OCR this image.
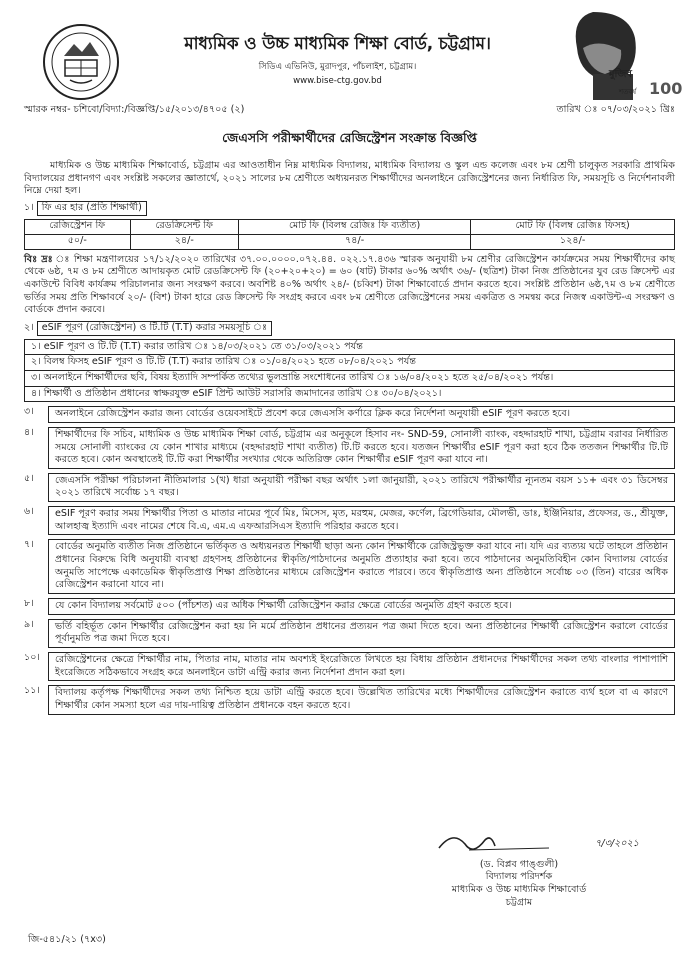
মাধ্যমিক ও উচ্চ মাধ্যমিক শিক্ষা বোর্ড, চট্টগ্রাম।
সিডিএ এভিনিউ, মুরাদপুর, পাঁচলাইশ, চট্টগ্রাম।
www.bise-ctg.gov.bd
মুজিব
শতবর্ষ 100
স্মারক নম্বর- চশিবো/বিদ্যা:/বিজ্ঞপ্তি/১৫/২০১৩/৪৭০৫ (২)	তারিখ ঃ ০৭/০৩/২০২১ খ্রিঃ
জেএসসি পরীক্ষার্থীদের রেজিস্ট্রেশন সংক্রান্ত বিজ্ঞপ্তি
মাধ্যমিক ও উচ্চ মাধ্যমিক শিক্ষাবোর্ড, চট্টগ্রাম এর আওতাধীন নিম্ন মাধ্যমিক বিদ্যালয়, মাধ্যমিক বিদ্যালয় ও স্কুল এন্ড কলেজ এবং ৮ম শ্রেণী চালুকৃত সরকারি প্রাথমিক বিদ্যালয়ের প্রধানগণ এবং সংশ্লিষ্ট সকলের জ্ঞাতার্থে, ২০২১ সালের ৮ম শ্রেণীতে অধ্যয়নরত শিক্ষার্থীদের অনলাইনে রেজিস্ট্রেশনের জন্য নির্ধারিত ফি, সময়সূচি ও নির্দেশনাবলী নিম্নে দেয়া হল।
১। ফি এর হার (প্রতি শিক্ষার্থী)
রেজিস্ট্রেশন ফি	রেডক্রিসেন্ট ফি	মোট ফি (বিলম্ব রেজিঃ ফি ব্যতীত)	মোট ফি (বিলম্ব রেজিঃ ফিসহ)
৫০/-	২৪/-	৭৪/-	১২৪/-
বিঃ দ্রঃ ঃ শিক্ষা মন্ত্রণালয়ের ১৭/১২/২০২০ তারিখের ৩৭.০০.০০০০.০৭২.৪৪. ০২২.১৭.৪৩৬ স্মারক অনুযায়ী ৮ম শ্রেণীর রেজিস্ট্রেশন কার্যক্রমের সময় শিক্ষার্থীদের কাছ থেকে ৬ষ্ঠ, ৭ম ও ৮ম শ্রেণীতে আদায়কৃত মোট রেডক্রিসেন্ট ফি (২০+২০+২০) = ৬০ (ষাট) টাকার ৬০% অর্থাৎ ৩৬/- (ছত্রিশ) টাকা নিজ প্রতিষ্ঠানের যুব রেড ক্রিসেন্ট এর একাউন্টে বিবিধ কার্যক্রম পরিচালনার জন্য সংরক্ষণ করবে। অবশিষ্ট ৪০% অর্থাৎ ২৪/- (চব্বিশ) টাকা শিক্ষাবোর্ডে প্রদান করতে হবে। সংশ্লিষ্ট প্রতিষ্ঠান ৬ষ্ঠ,৭ম ও ৮ম শ্রেণীতে ভর্তির সময় প্রতি শিক্ষাবর্ষে ২০/- (বিশ) টাকা হারে রেড ক্রিসেন্ট ফি সংগ্রহ করবে এবং ৮ম শ্রেণীতে রেজিস্ট্রেশনের সময় একত্রিত ও সমন্বয় করে নিজস্ব একাউন্ট-এ সংরক্ষণ ও বোর্ডকে প্রদান করবে।
২। eSIF পূরণ (রেজিস্ট্রেশন) ও টি.টি (T.T) করার সময়সূচি ঃ
১। eSIF পূরণ ও টি.টি (T.T) করার তারিখ ঃ ১৪/০৩/২০২১ তে ৩১/০৩/২০২১ পর্যন্ত
২। বিলম্ব ফিসহ eSIF পূরণ ও টি.টি (T.T) করার তারিখ ঃ ০১/০৪/২০২১ হতে ০৮/০৪/২০২১ পর্যন্ত
৩। অনলাইনে শিক্ষার্থীদের ছবি, বিষয় ইত্যাদি সম্পর্কিত তথ্যের ভুলভ্রান্তি সংশোধনের তারিখ ঃ ১৬/০৪/২০২১ হতে ২৫/০৪/২০২১ পর্যন্ত।
৪। শিক্ষার্থী ও প্রতিষ্ঠান প্রধানের স্বাক্ষরযুক্ত eSIF প্রিন্ট আউট সরাসরি জমাদানের তারিখ ঃ ৩০/০৪/২০২১।
৩।	অনলাইনে রেজিস্ট্রেশন করার জন্য বোর্ডের ওয়েবসাইটে প্রবেশ করে জেএসসি কর্ণারে ক্লিক করে নির্দেশনা অনুযায়ী eSIF পূরণ করতে হবে।
৪।	শিক্ষার্থীদের ফি সচিব, মাধ্যমিক ও উচ্চ মাধ্যমিক শিক্ষা বোর্ড, চট্টগ্রাম এর অনুকূলে হিসাব নং- SND-59, সোনালী ব্যাংক, বহদ্দারহাট শাখা, চট্টগ্রাম বরাবর নির্ধারিত সময়ে সোনালী ব্যাংকের যে কোন শাখার মাধ্যমে (বহদ্দারহাট শাখা ব্যতীত) টি.টি করতে হবে। যতজন শিক্ষার্থীর eSIF পূরণ করা হবে ঠিক ততজন শিক্ষার্থীর টি.টি করতে হবে। কোন অবস্থাতেই টি.টি করা শিক্ষার্থীর সংখ্যার থেকে অতিরিক্ত কোন শিক্ষার্থীর eSIF পূরণ করা যাবে না।
৫।	জেএসসি পরীক্ষা পরিচালনা নীতিমালার ১(খ) ধারা অনুযায়ী পরীক্ষা বছর অর্থাৎ ১লা জানুয়ারী, ২০২১ তারিখে পরীক্ষার্থীর ন্যূনতম বয়স ১১+ এবং ৩১ ডিসেম্বর ২০২১ তারিখে সর্বোচ্চ ১৭ বছর।
৬।	eSIF পূরণ করার সময় শিক্ষার্থীর পিতা ও মাতার নামের পূর্বে মিঃ, মিসেস, মৃত, মরহুম, মেজর, কর্ণেল, ব্রিগেডিয়ার, মৌলভী, ডাঃ, ইঞ্জিনিয়ার, প্রফেসর, ড., শ্রীযুক্ত, আলহাজ্ব ইত্যাদি এবং নামের শেষে বি.এ, এম.এ এফআরসিএস ইত্যাদি পরিহার করতে হবে।
৭।	বোর্ডের অনুমতি ব্যতীত নিজ প্রতিষ্ঠানে ভর্তিকৃত ও অধ্যয়নরত শিক্ষার্থী ছাড়া অন্য কোন শিক্ষার্থীকে রেজিস্ট্রভুক্ত করা যাবে না। যদি এর ব্যত্যয় ঘটে তাহলে প্রতিষ্ঠান প্রধানের বিরুদ্ধে বিধি অনুযায়ী ব্যবস্থা গ্রহণসহ প্রতিষ্ঠানের স্বীকৃতি/পাঠদানের অনুমতি প্রত্যাহার করা হবে। তবে পাঠদানের অনুমতিবিহীন কোন বিদ্যালয় বোর্ডের অনুমতি সাপেক্ষে একাডেমিক স্বীকৃতিপ্রাপ্ত শিক্ষা প্রতিষ্ঠানের মাধ্যমে রেজিস্ট্রেশন করাতে পারবে। তবে স্বীকৃতিপ্রাপ্ত অন্য প্রতিষ্ঠানে সর্বোচ্চ ০৩ (তিন) বারের অধিক রেজিস্ট্রেশন করানো যাবে না।
৮।	যে কোন বিদ্যালয় সর্বমোট ৫০০ (পাঁচশত) এর অধিক শিক্ষার্থী রেজিস্ট্রেশন করার ক্ষেত্রে বোর্ডের অনুমতি গ্রহণ করতে হবে।
৯।	ভর্তি বহির্ভূত কোন শিক্ষার্থীর রেজিস্ট্রেশন করা হয় নি মর্মে প্রতিষ্ঠান প্রধানের প্রত্যয়ন পত্র জমা দিতে হবে। অন্য প্রতিষ্ঠানের শিক্ষার্থী রেজিস্ট্রেশন করালে বোর্ডের পূর্বানুমতি পত্র জমা দিতে হবে।
১০।	রেজিস্ট্রেশনের ক্ষেত্রে শিক্ষার্থীর নাম, পিতার নাম, মাতার নাম অবশ্যই ইংরেজিতে লিখতে হয় বিধায় প্রতিষ্ঠান প্রধানদের শিক্ষার্থীদের সকল তথ্য বাংলার পাশাপাশি ইংরেজিতে সঠিকভাবে সংগ্রহ করে অনলাইনে ডাটা এন্ট্রি করার জন্য নির্দেশনা প্রদান করা হল।
১১।	বিদ্যালয় কর্তৃপক্ষ শিক্ষার্থীদের সকল তথ্য নিশ্চিত হয়ে ডাটা এন্ট্রি করতে হবে। উল্লেখিত তারিখের মধ্যে শিক্ষার্থীদের রেজিস্ট্রেশন করাতে ব্যর্থ হলে বা এ কারণে শিক্ষার্থীর কোন সমস্যা হলে এর দায়-দায়িত্ব প্রতিষ্ঠান প্রধানকে বহন করতে হবে।
৭/৩/২০২১
(ড. বিপ্লব গাঙ্গুলী)
বিদ্যালয় পরিদর্শক
মাধ্যমিক ও উচ্চ মাধ্যমিক শিক্ষাবোর্ড
চট্টগ্রাম
জি-৫৪১/২১ (৭x৩)
